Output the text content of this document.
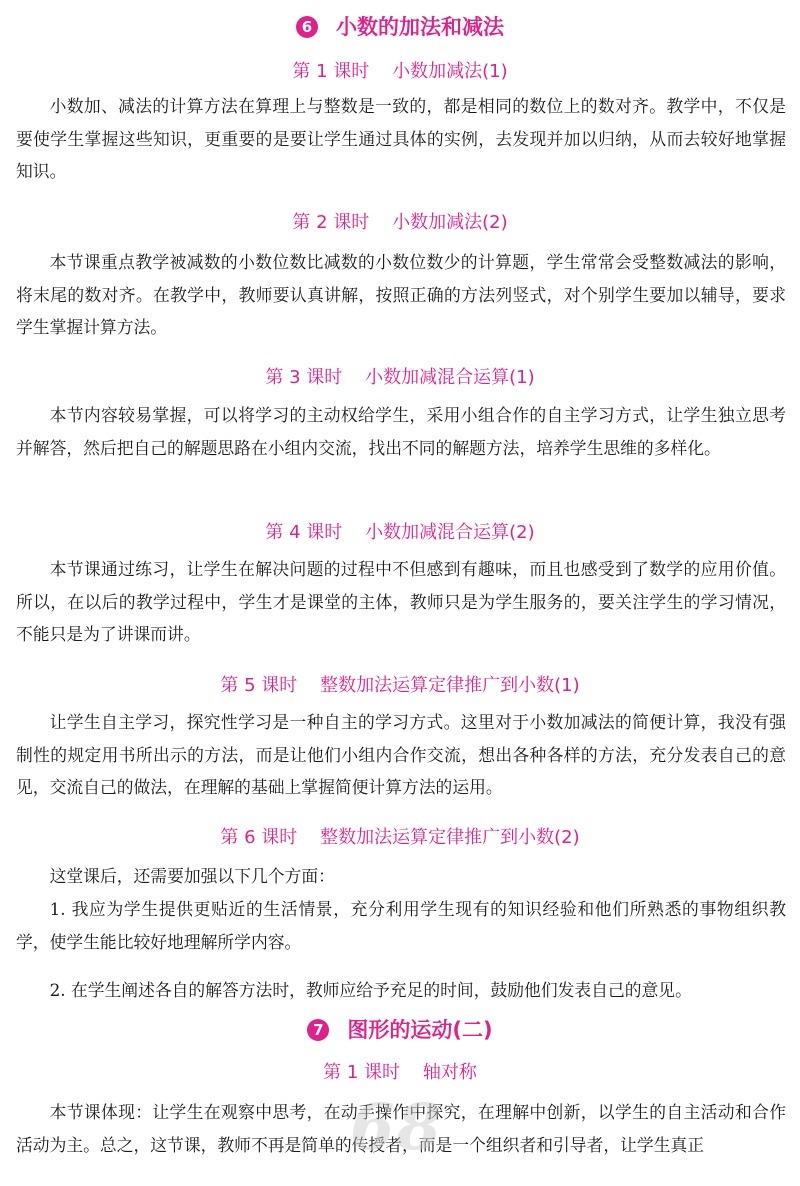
6 小数的加法和减法
第 1 课时    小数加减法(1)

小数加、减法的计算方法在算理上与整数是一致的，都是相同的数位上的数对齐。教学中，不仅是要使学生掌握这些知识，更重要的是要让学生通过具体的实例，去发现并加以归纳，从而去较好地掌握知识。

第 2 课时    小数加减法(2)

本节课重点教学被减数的小数位数比减数的小数位数少的计算题，学生常常会受整数减法的影响，将末尾的数对齐。在教学中，教师要认真讲解，按照正确的方法列竖式，对个别学生要加以辅导，要求学生掌握计算方法。

第 3 课时    小数加减混合运算(1)

本节内容较易掌握，可以将学习的主动权给学生，采用小组合作的自主学习方式，让学生独立思考并解答，然后把自己的解题思路在小组内交流，找出不同的解题方法，培养学生思维的多样化。

第 4 课时    小数加减混合运算(2)

本节课通过练习，让学生在解决问题的过程中不但感到有趣味，而且也感受到了数学的应用价值。所以，在以后的教学过程中，学生才是课堂的主体，教师只是为学生服务的，要关注学生的学习情况，不能只是为了讲课而讲。

第 5 课时    整数加法运算定律推广到小数(1)

让学生自主学习，探究性学习是一种自主的学习方式。这里对于小数加减法的简便计算，我没有强制性的规定用书所出示的方法，而是让他们小组内合作交流，想出各种各样的方法，充分发表自己的意见，交流自己的做法，在理解的基础上掌握简便计算方法的运用。

第 6 课时    整数加法运算定律推广到小数(2)

这堂课后，还需要加强以下几个方面：

1. 我应为学生提供更贴近的生活情景，充分利用学生现有的知识经验和他们所熟悉的事物组织教学，使学生能比较好地理解所学内容。

2. 在学生阐述各自的解答方法时，教师应给予充足的时间，鼓励他们发表自己的意见。

7 图形的运动(二)
第 1 课时    轴对称

本节课体现：让学生在观察中思考，在动手操作中探究，在理解中创新，以学生的自主活动和合作活动为主。总之，这节课，教师不再是简单的传授者，而是一个组织者和引导者，让学生真正

68
